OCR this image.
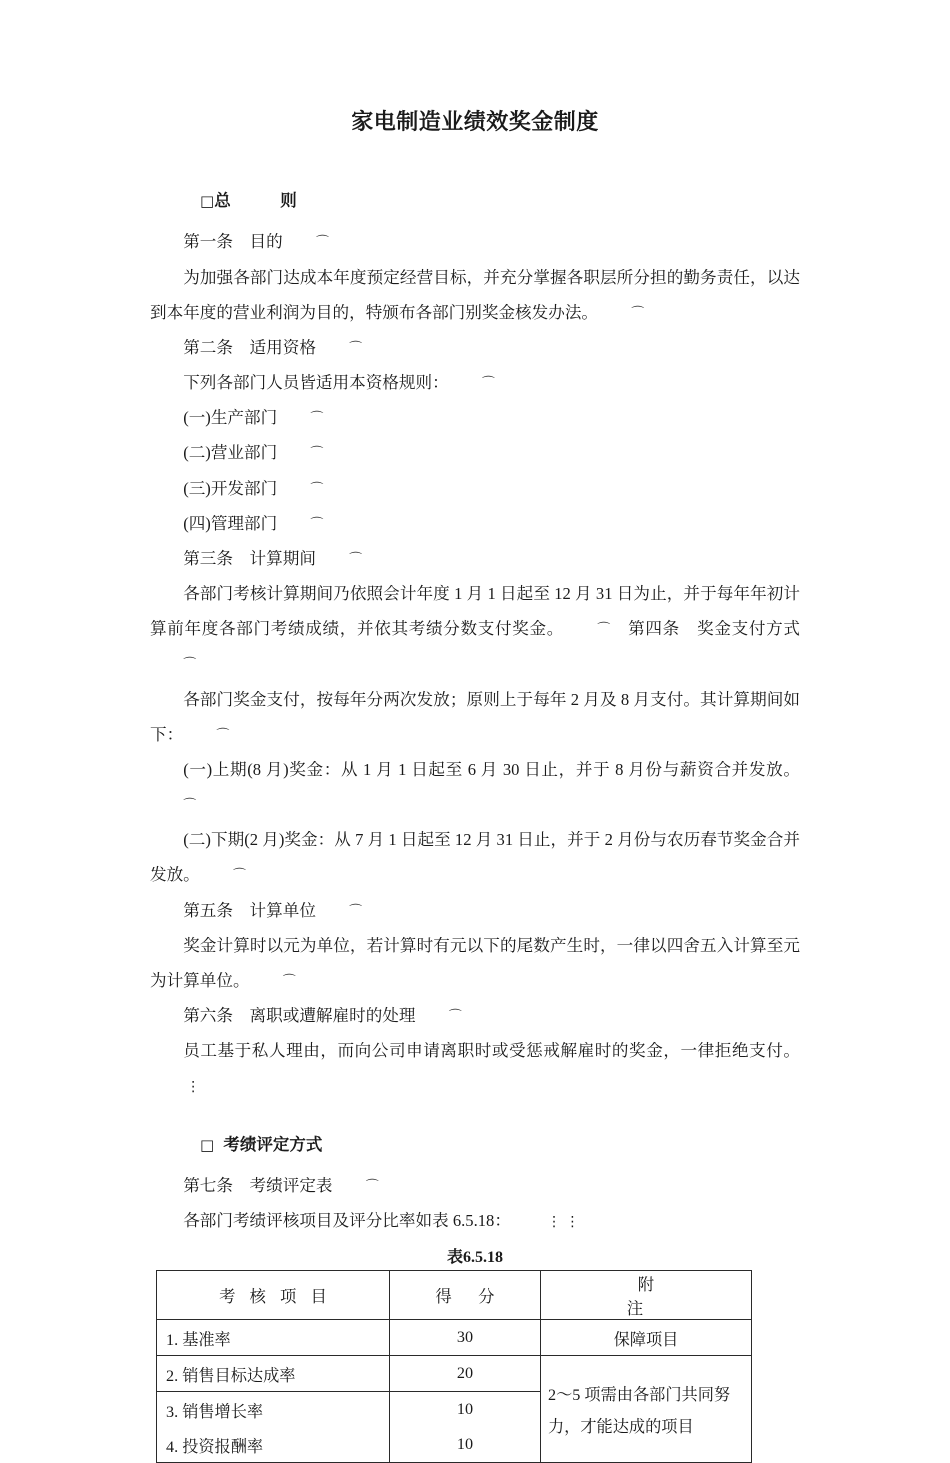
家电制造业绩效奖金制度
□总　　　则

第一条　目的	⌒

为加强各部门达成本年度预定经营目标，并充分掌握各职层所分担的勤务责任，以达到本年度的营业利润为目的，特颁布各部门别奖金核发办法。	⌒

第二条　适用资格	⌒

下列各部门人员皆适用本资格规则：	⌒

(一)生产部门	⌒

(二)营业部门	⌒

(三)开发部门	⌒

(四)管理部门	⌒

第三条　计算期间	⌒

各部门考核计算期间乃依照会计年度 1 月 1 日起至 12 月 31 日为止，并于每年年初计算前年度各部门考绩成绩，并依其考绩分数支付奖金。	⌒　第四条　奖金支付方式⌒

各部门奖金支付，按每年分两次发放；原则上于每年 2 月及 8 月支付。其计算期间如下：	⌒

(一)上期(8 月)奖金：从 1 月 1 日起至 6 月 30 日止，并于 8 月份与薪资合并发放。⌒

(二)下期(2 月)奖金：从 7 月 1 日起至 12 月 31 日止，并于 2 月份与农历春节奖金合并发放。	⌒

第五条　计算单位	⌒

奖金计算时以元为单位，若计算时有元以下的尾数产生时，一律以四舍五入计算至元为计算单位。	⌒

第六条　离职或遭解雇时的处理	⌒

员工基于私人理由，而向公司申请离职时或受惩戒解雇时的奖金，一律拒绝支付。⋮

□ 考绩评定方式

第七条　考绩评定表	⌒

各部门考绩评核项目及评分比率如表 6.5.18：	⋮ ⋮

表6.5.18
考 核 项 目	得　分	附　　　注
1. 基准率	30	保障项目
2. 销售目标达成率	20	2～5 项需由各部门共同努力，才能达成的项目
3. 销售增长率	10	
4. 投资报酬率	10	
